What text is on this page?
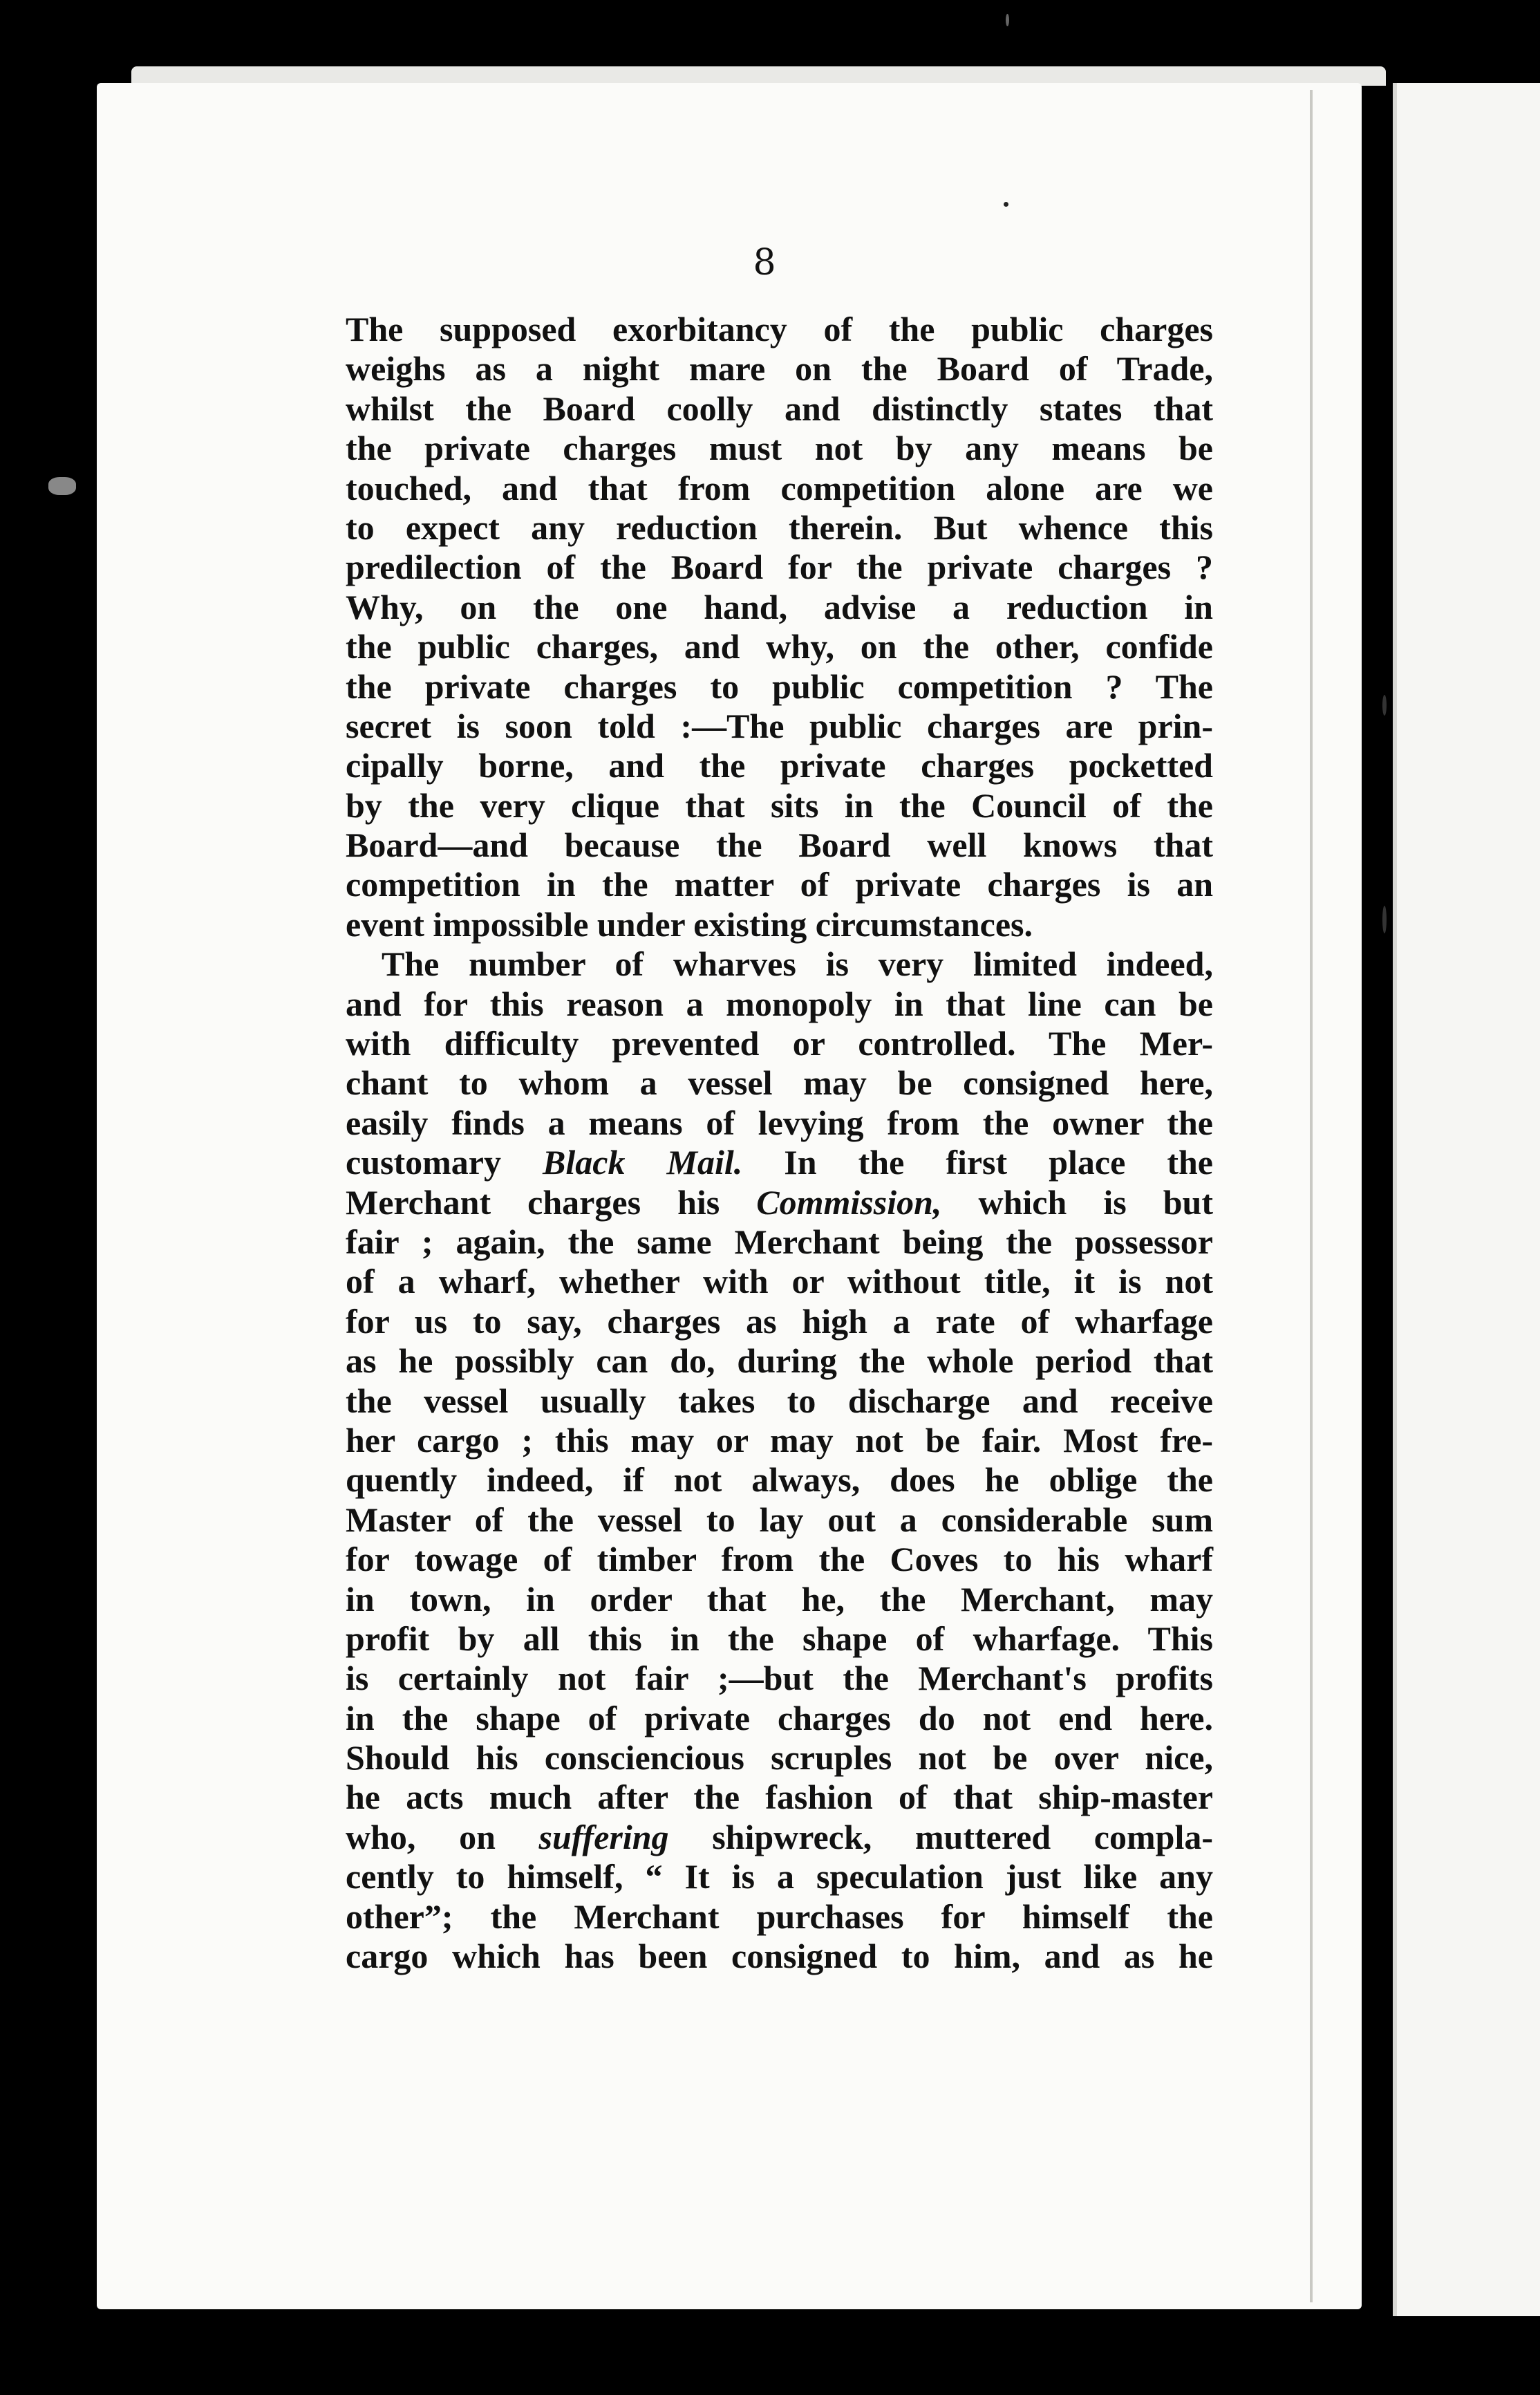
8
The supposed exorbitancy of the public charges
weighs as a night mare on the Board of Trade,
whilst the Board coolly and distinctly states that
the private charges must not by any means be
touched, and that from competition alone are we
to expect any reduction therein. But whence this
predilection of the Board for the private charges ?
Why, on the one hand, advise a reduction in
the public charges, and why, on the other, confide
the private charges to public competition ? The
secret is soon told :—The public charges are prin-
cipally borne, and the private charges pocketted
by the very clique that sits in the Council of the
Board—and because the Board well knows that
competition in the matter of private charges is an
event impossible under existing circumstances.
The number of wharves is very limited indeed,
and for this reason a monopoly in that line can be
with difficulty prevented or controlled. The Mer-
chant to whom a vessel may be consigned here,
easily finds a means of levying from the owner the
customary Black Mail. In the first place the
Merchant charges his Commission, which is but
fair ; again, the same Merchant being the possessor
of a wharf, whether with or without title, it is not
for us to say, charges as high a rate of wharfage
as he possibly can do, during the whole period that
the vessel usually takes to discharge and receive
her cargo ; this may or may not be fair. Most fre-
quently indeed, if not always, does he oblige the
Master of the vessel to lay out a considerable sum
for towage of timber from the Coves to his wharf
in town, in order that he, the Merchant, may
profit by all this in the shape of wharfage. This
is certainly not fair ;—but the Merchant's profits
in the shape of private charges do not end here.
Should his consciencious scruples not be over nice,
he acts much after the fashion of that ship-master
who, on suffering shipwreck, muttered compla-
cently to himself, “ It is a speculation just like any
other”; the Merchant purchases for himself the
cargo which has been consigned to him, and as he
